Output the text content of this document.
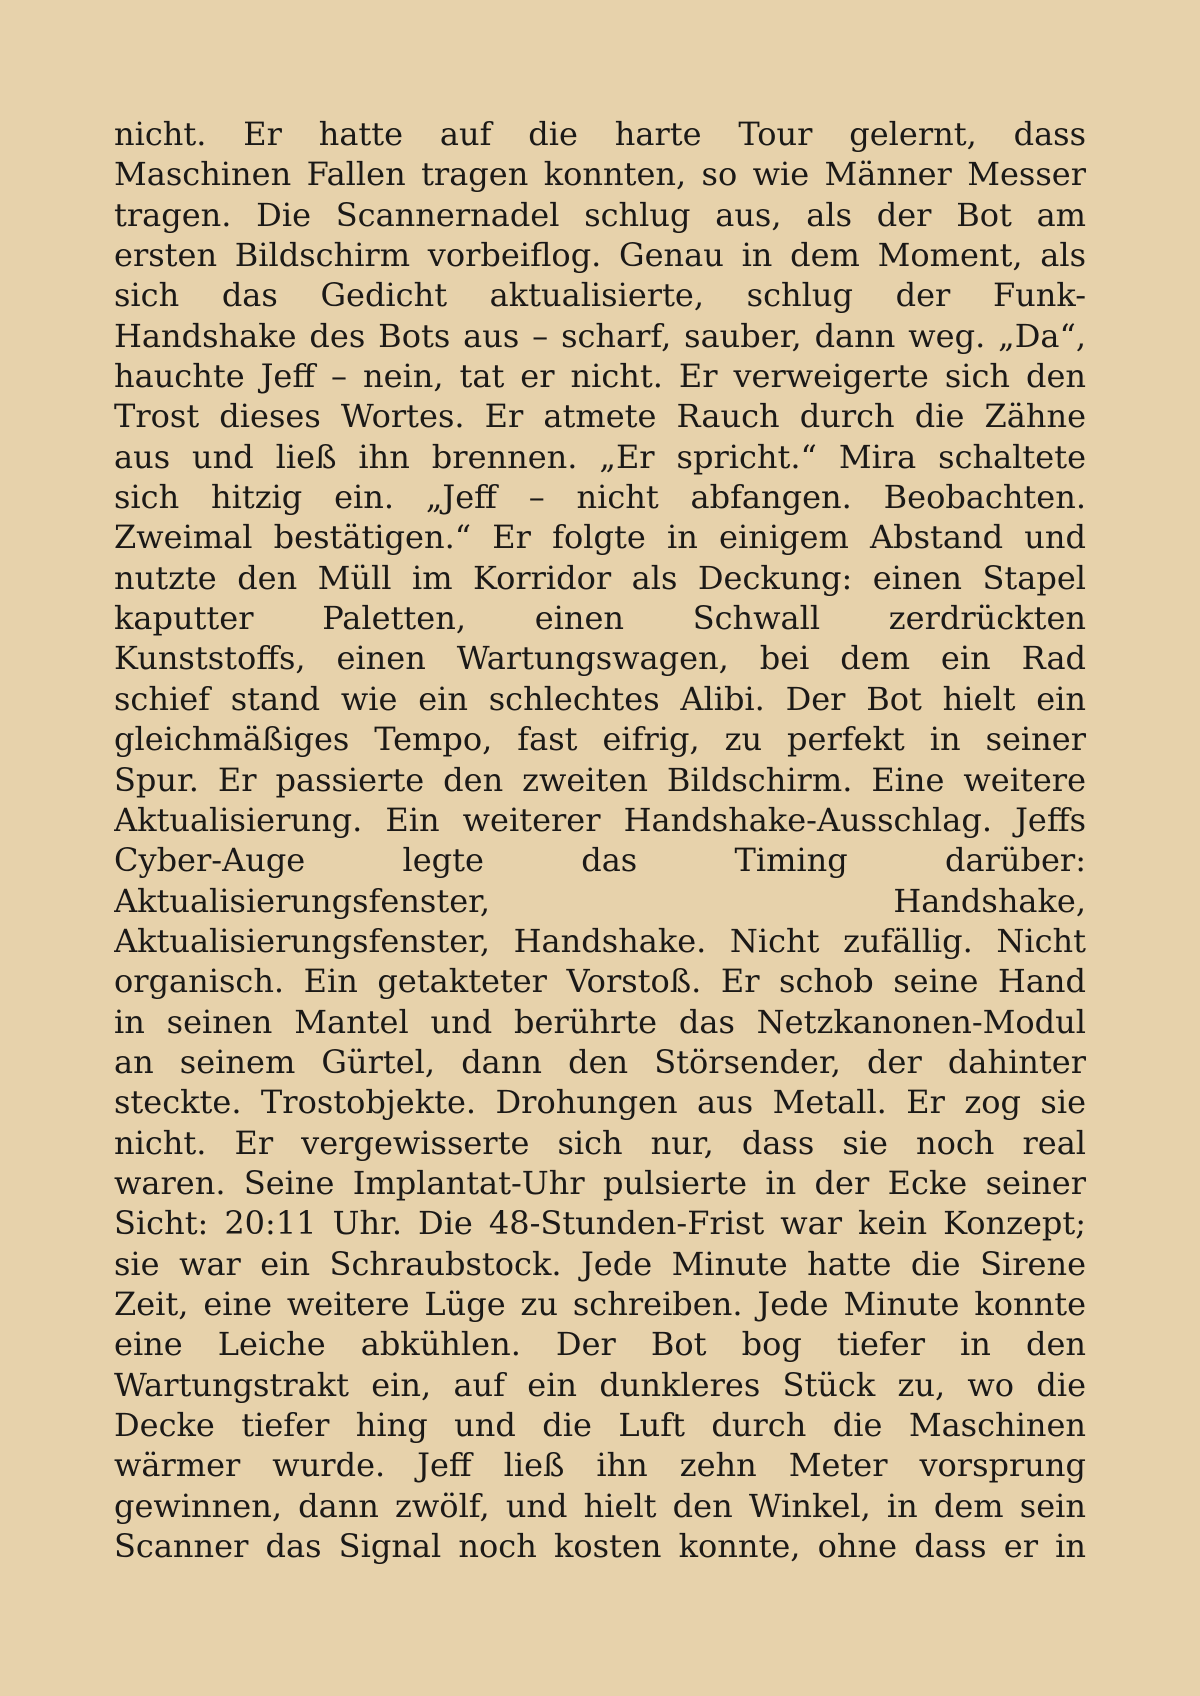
nicht. Er hatte auf die harte Tour gelernt, dass
Maschinen Fallen tragen konnten, so wie Männer Messer
tragen. Die Scannernadel schlug aus, als der Bot am
ersten Bildschirm vorbeiflog. Genau in dem Moment, als
sich das Gedicht aktualisierte, schlug der Funk-
Handshake des Bots aus – scharf, sauber, dann weg. „Da“,
hauchte Jeff – nein, tat er nicht. Er verweigerte sich den
Trost dieses Wortes. Er atmete Rauch durch die Zähne
aus und ließ ihn brennen. „Er spricht.“ Mira schaltete
sich hitzig ein. „Jeff – nicht abfangen. Beobachten.
Zweimal bestätigen.“ Er folgte in einigem Abstand und
nutzte den Müll im Korridor als Deckung: einen Stapel
kaputter Paletten, einen Schwall zerdrückten
Kunststoffs, einen Wartungswagen, bei dem ein Rad
schief stand wie ein schlechtes Alibi. Der Bot hielt ein
gleichmäßiges Tempo, fast eifrig, zu perfekt in seiner
Spur. Er passierte den zweiten Bildschirm. Eine weitere
Aktualisierung. Ein weiterer Handshake-Ausschlag. Jeffs
Cyber-Auge legte das Timing darüber:
Aktualisierungsfenster, Handshake,
Aktualisierungsfenster, Handshake. Nicht zufällig. Nicht
organisch. Ein getakteter Vorstoß. Er schob seine Hand
in seinen Mantel und berührte das Netzkanonen-Modul
an seinem Gürtel, dann den Störsender, der dahinter
steckte. Trostobjekte. Drohungen aus Metall. Er zog sie
nicht. Er vergewisserte sich nur, dass sie noch real
waren. Seine Implantat-Uhr pulsierte in der Ecke seiner
Sicht: 20:11 Uhr. Die 48-Stunden-Frist war kein Konzept;
sie war ein Schraubstock. Jede Minute hatte die Sirene
Zeit, eine weitere Lüge zu schreiben. Jede Minute konnte
eine Leiche abkühlen. Der Bot bog tiefer in den
Wartungstrakt ein, auf ein dunkleres Stück zu, wo die
Decke tiefer hing und die Luft durch die Maschinen
wärmer wurde. Jeff ließ ihn zehn Meter vorsprung
gewinnen, dann zwölf, und hielt den Winkel, in dem sein
Scanner das Signal noch kosten konnte, ohne dass er in
